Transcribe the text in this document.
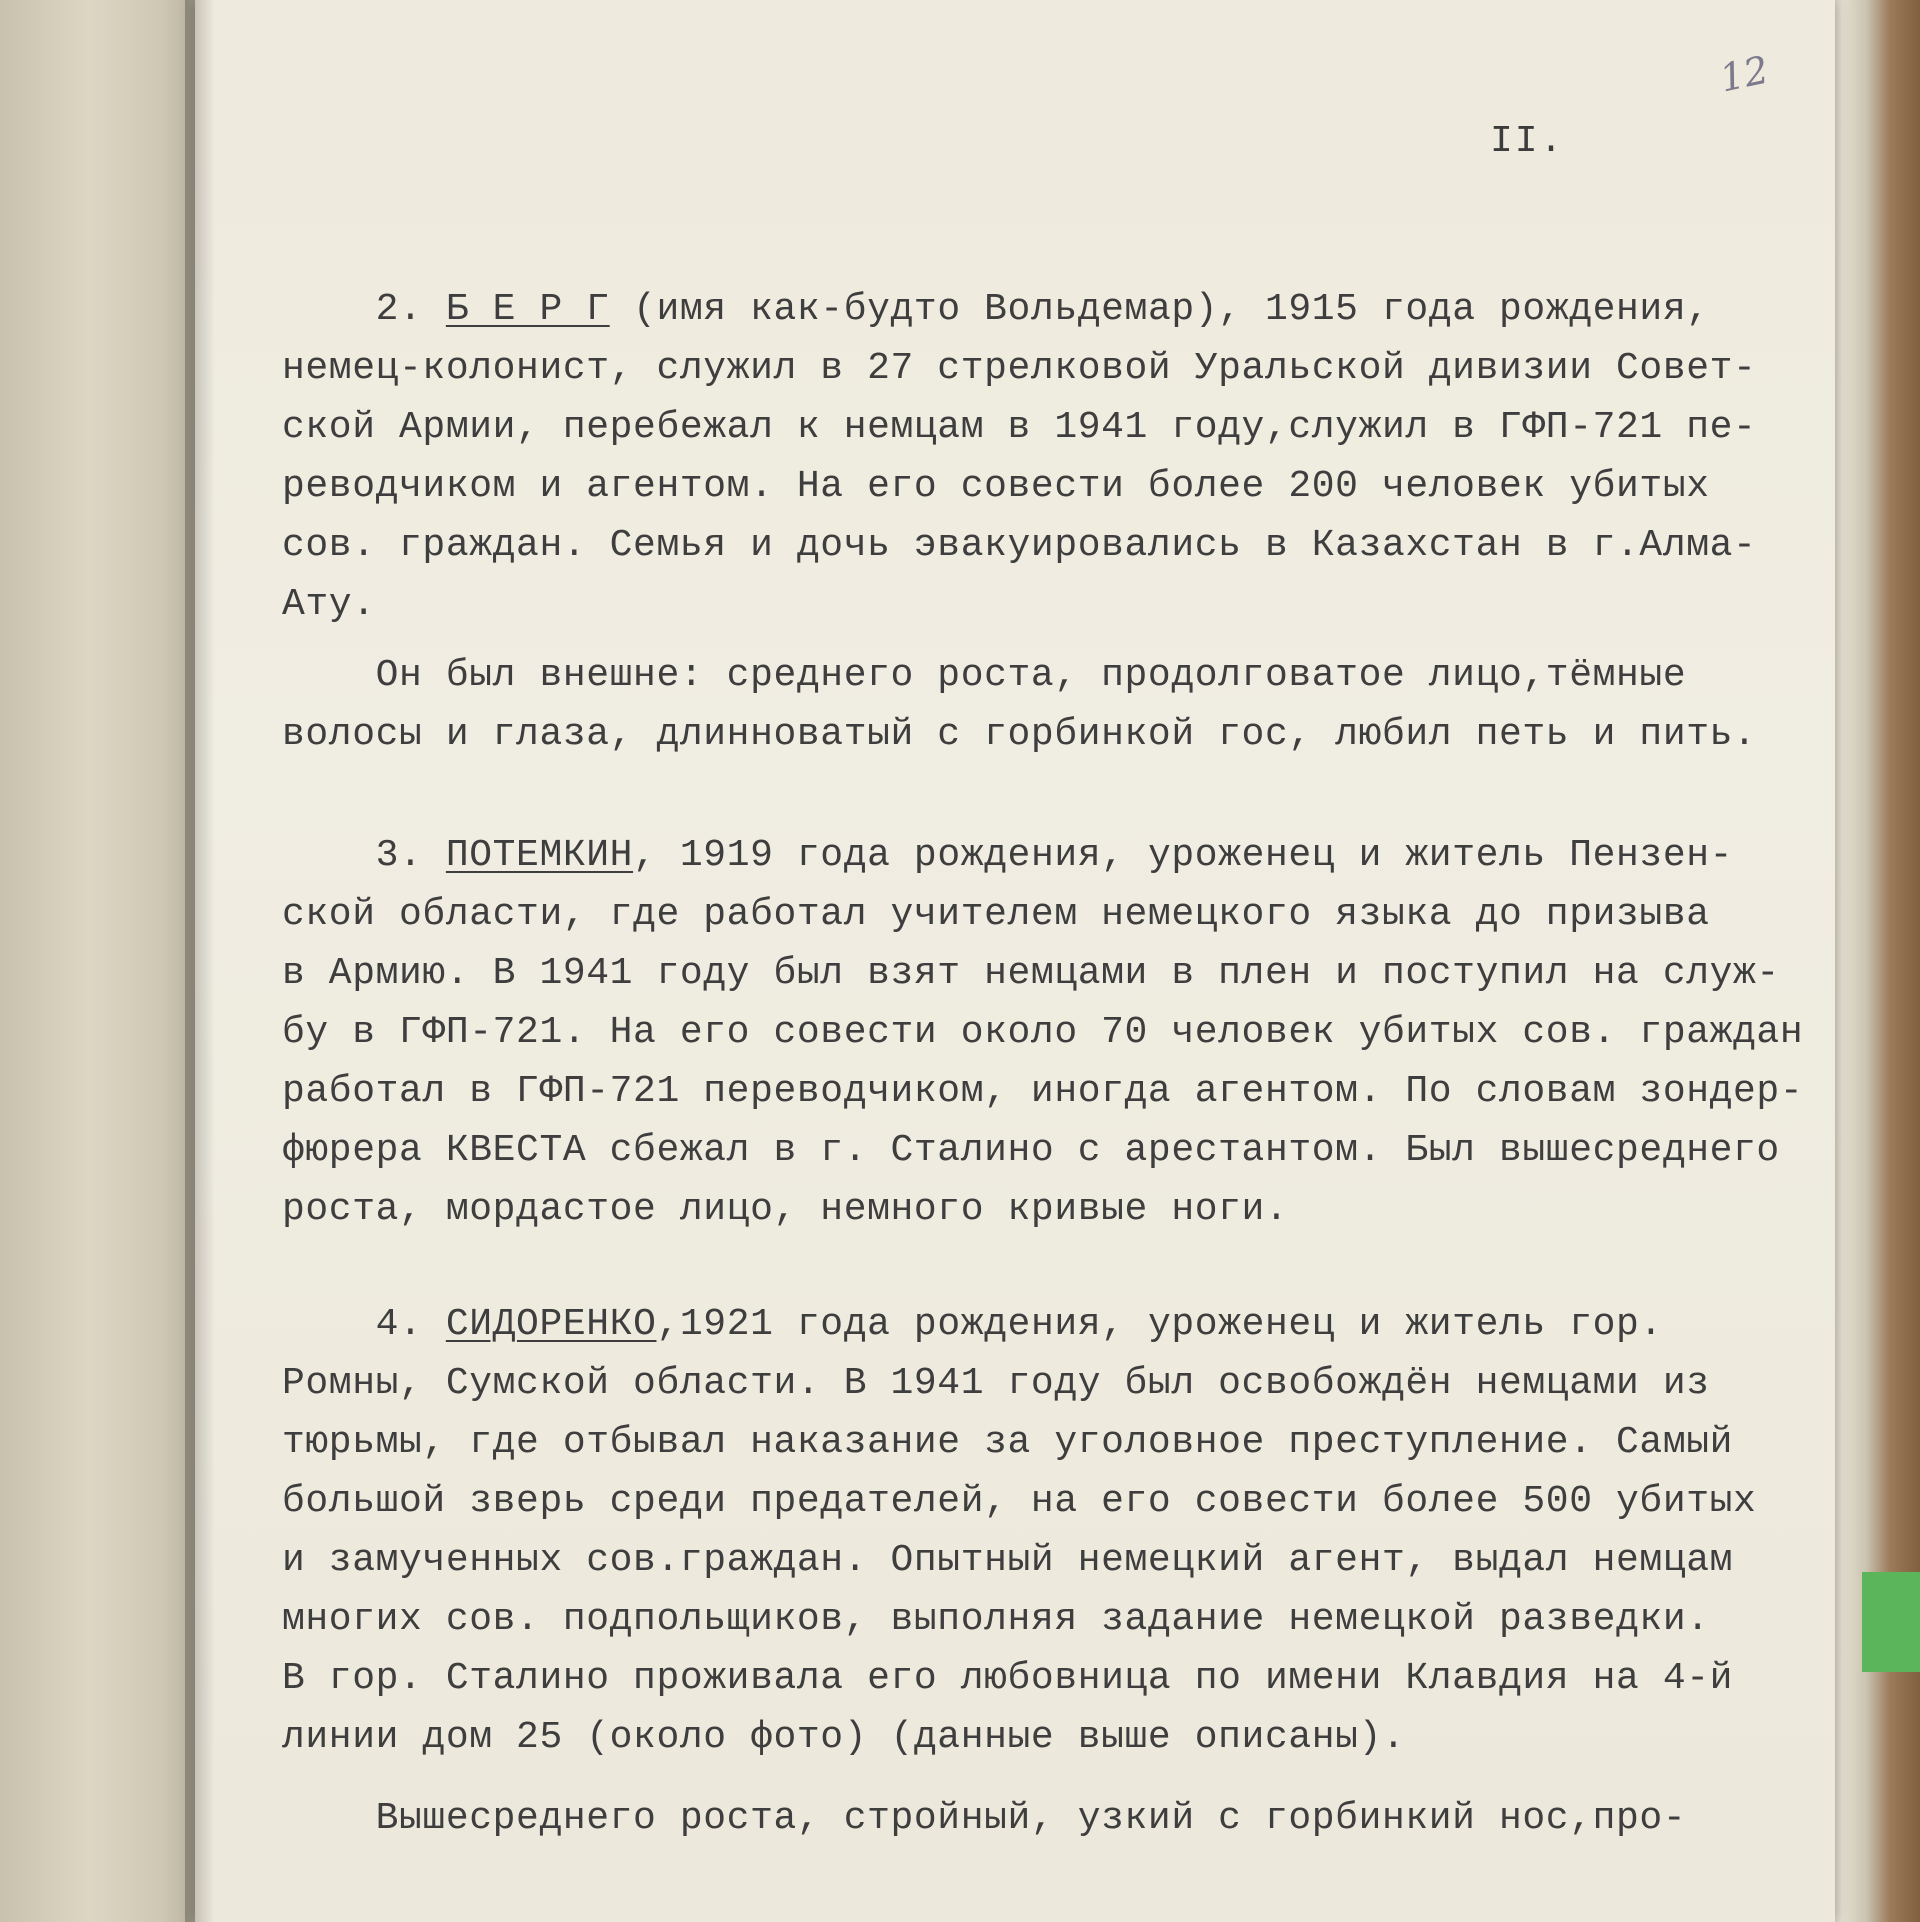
12
II.
2. Б Е Р Г (имя как-будто Вольдемар), 1915 года рождения,
немец-колонист, служил в 27 стрелковой Уральской дивизии Совет-
ской Армии, перебежал к немцам в 1941 году,служил в ГФП-721 пе-
реводчиком и агентом. На его совести более 200 человек убитых
сов. граждан. Семья и дочь эвакуировались в Казахстан в г.Алма-
Ату.
Он был внешне: среднего роста, продолговатое лицо,тёмные
волосы и глаза, длинноватый с горбинкой гос, любил петь и пить.
3. ПОТЕМКИН, 1919 года рождения, уроженец и житель Пензен-
ской области, где работал учителем немецкого языка до призыва
в Армию. В 1941 году был взят немцами в плен и поступил на служ-
бу в ГФП-721. На его совести около 70 человек убитых сов. граждан
работал в ГФП-721 переводчиком, иногда агентом. По словам зондер-
фюрера КВЕСТА сбежал в г. Сталино с арестантом. Был вышесреднего
роста, мордастое лицо, немного кривые ноги.
4. СИДОРЕНКО,1921 года рождения, уроженец и житель гор.
Ромны, Сумской области. В 1941 году был освобождён немцами из
тюрьмы, где отбывал наказание за уголовное преступление. Самый
большой зверь среди предателей, на его совести более 500 убитых
и замученных сов.граждан. Опытный немецкий агент, выдал немцам
многих сов. подпольщиков, выполняя задание немецкой разведки.
В гор. Сталино проживала его любовница по имени Клавдия на 4-й
линии дом 25 (около фото) (данные выше описаны).
Вышесреднего роста, стройный, узкий с горбинкий нос,про-
